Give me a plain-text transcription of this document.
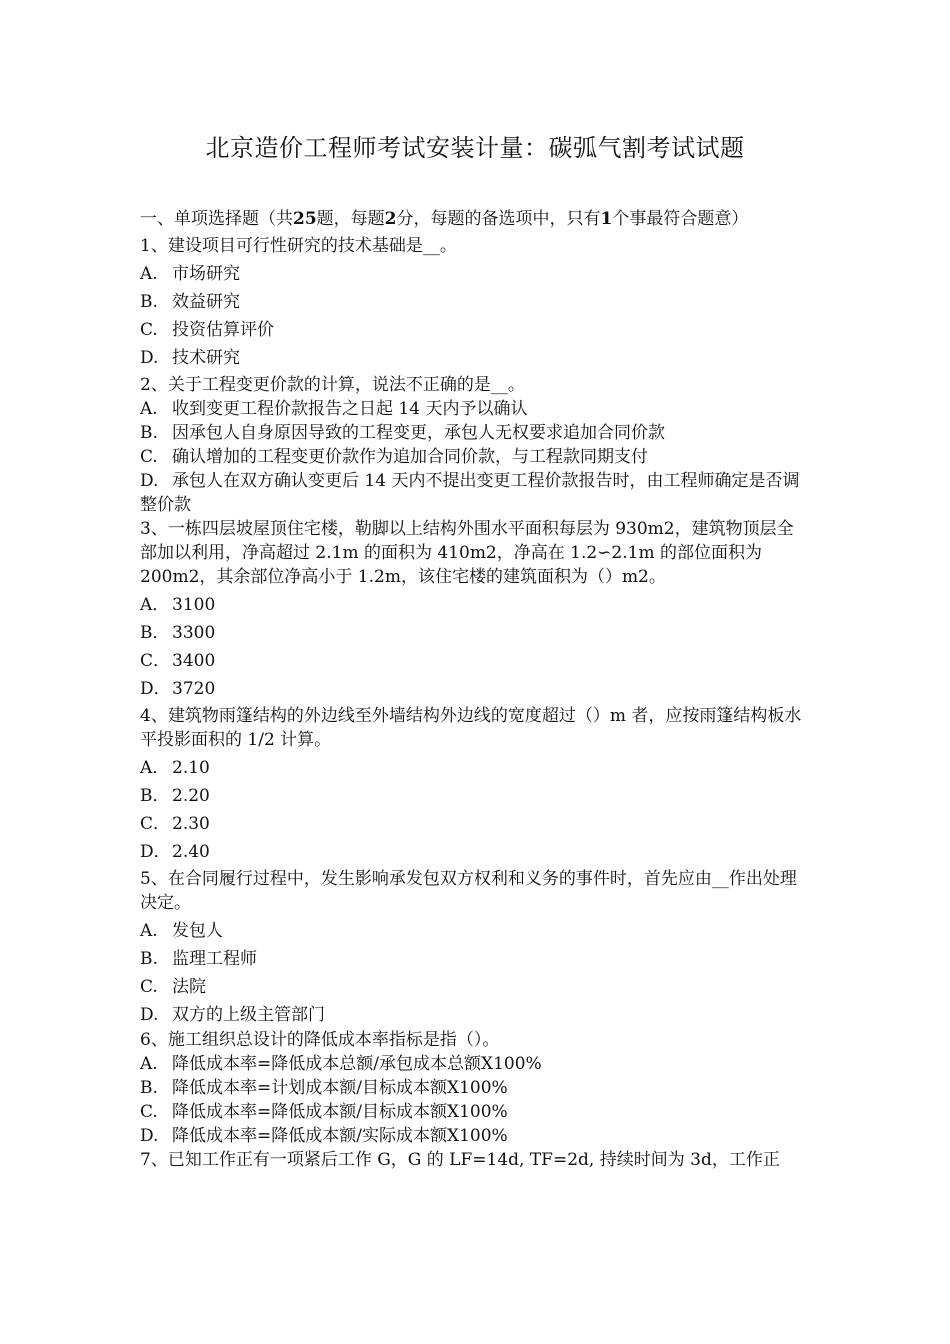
北京造价工程师考试安装计量：碳弧气割考试试题
一、单项选择题（共25题，每题2分，每题的备选项中，只有1个事最符合题意）
1、建设项目可行性研究的技术基础是__。
A. 市场研究
B. 效益研究
C. 投资估算评价
D. 技术研究
2、关于工程变更价款的计算，说法不正确的是__。
A. 收到变更工程价款报告之日起 14 天内予以确认
B. 因承包人自身原因导致的工程变更，承包人无权要求追加合同价款
C. 确认增加的工程变更价款作为追加合同价款，与工程款同期支付
D. 承包人在双方确认变更后 14 天内不提出变更工程价款报告时，由工程师确定是否调整价款
3、一栋四层坡屋顶住宅楼，勒脚以上结构外围水平面积每层为 930m2，建筑物顶层全部加以利用，净高超过 2.1m 的面积为 410m2，净高在 1.2∽2.1m 的部位面积为 200m2，其余部位净高小于 1.2m，该住宅楼的建筑面积为（）m2。
A． 3100
B． 3300
C． 3400
D．3720
4、建筑物雨篷结构的外边线至外墙结构外边线的宽度超过（）m 者，应按雨篷结构板水平投影面积的 1/2 计算。
A． 2.10
B． 2.20
C． 2.30
D．2.40
5、在合同履行过程中，发生影响承发包双方权利和义务的事件时，首先应由__作出处理决定。
A. 发包人
B. 监理工程师
C. 法院
D. 双方的上级主管部门
6、施工组织总设计的降低成本率指标是指（）。
A. 降低成本率=降低成本总额/承包成本总额Ⅹ100%
B. 降低成本率=计划成本额/目标成本额Ⅹ100%
C. 降低成本率=降低成本额/目标成本额Ⅹ100%
D. 降低成本率=降低成本额/实际成本额Ⅹ100%
7、已知工作正有一项紧后工作 G，G 的 LF=14d, TF=2d, 持续时间为 3d，工作正
